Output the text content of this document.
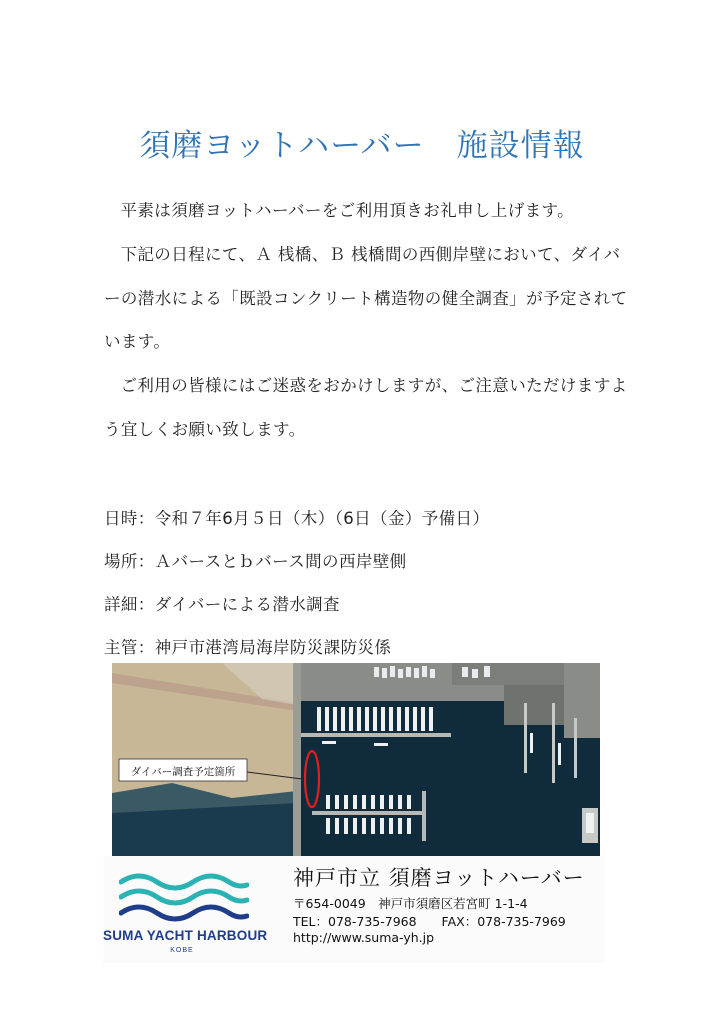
須磨ヨットハーバー　施設情報

平素は須磨ヨットハーバーをご利用頂きお礼申し上げます。

下記の日程にて、Ａ 桟橋、Ｂ 桟橋間の西側岸壁において、ダイバーの潜水による「既設コンクリート構造物の健全調査」が予定されています。

ご利用の皆様にはご迷惑をおかけしますが、ご注意いただけますよう宜しくお願い致します。

日時：令和７年6月５日（木）（6日（金）予備日）

場所：Ａバースとｂバース間の西岸壁側

詳細：ダイバーによる潜水調査

主管：神戸市港湾局海岸防災課防災係

ダイバー調査予定箇所
SUMA YACHT HARBOUR
KOBE
神戸市立 須磨ヨットハーバー
〒654-0049　神戸市須磨区若宮町 1-1-4
TEL：078-735-7968　　FAX：078-735-7969
http://www.suma-yh.jp
